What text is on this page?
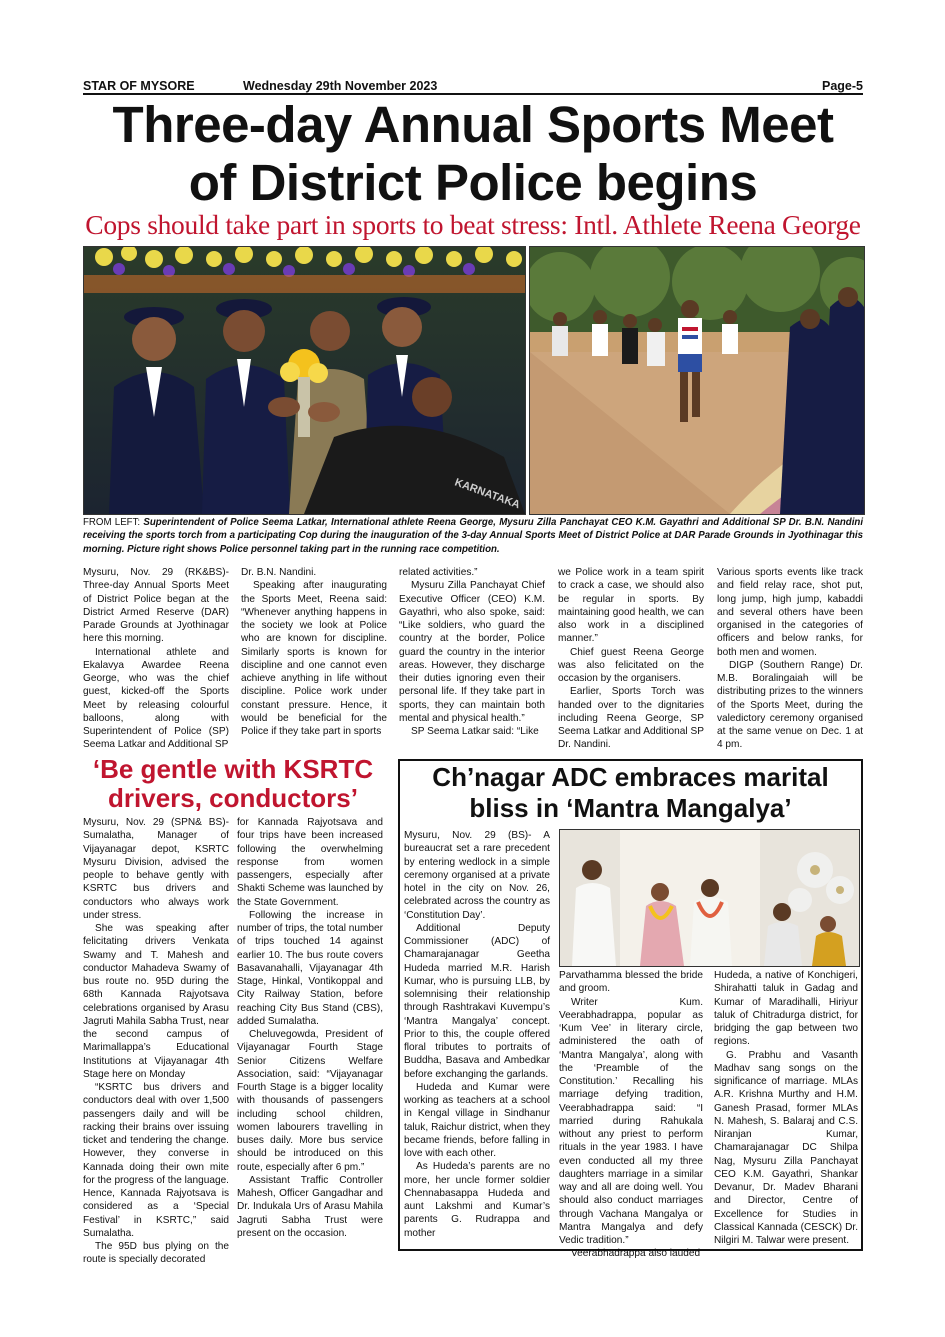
STAR OF MYSORE	Wednesday 29th November 2023	Page-5
Three-day Annual Sports Meet
of District Police begins
Cops should take part in sports to beat stress: Intl. Athlete Reena George
KARNATAKA
FROM LEFT: Superintendent of Police Seema Latkar, International athlete Reena George, Mysuru Zilla Panchayat CEO K.M. Gayathri and Additional SP Dr. B.N. Nandini receiving the sports torch from a participating Cop during the inauguration of the 3-day Annual Sports Meet of District Police at DAR Parade Grounds in Jyothinagar this morning. Picture right shows Police personnel taking part in the running race competition.

Mysuru, Nov. 29 (RK&BS)- Three-day Annual Sports Meet of District Police began at the District Armed Reserve (DAR) Parade Grounds at Jyothinagar here this morning.

International athlete and Ekalavya Awardee Reena George, who was the chief guest, kicked-off the Sports Meet by releasing colourful balloons, along with Superintendent of Police (SP) Seema Latkar and Additional SP

Dr. B.N. Nandini.

Speaking after inaugurating the Sports Meet, Reena said: “Whenever anything happens in the society we look at Police who are known for discipline. Similarly sports is known for discipline and one cannot even achieve anything in life without discipline. Police work under constant pressure. Hence, it would be beneficial for the Police if they take part in sports

related activities.”

Mysuru Zilla Panchayat Chief Executive Officer (CEO) K.M. Gayathri, who also spoke, said: “Like soldiers, who guard the country at the border, Police guard the country in the interior areas. However, they discharge their duties ignoring even their personal life. If they take part in sports, they can maintain both mental and physical health.”

SP Seema Latkar said: “Like

we Police work in a team spirit to crack a case, we should also be regular in sports. By maintaining good health, we can also work in a disciplined manner.”

Chief guest Reena George was also felicitated on the occasion by the organisers.

Earlier, Sports Torch was handed over to the dignitaries including Reena George, SP Seema Latkar and Additional SP Dr. Nandini.

Various sports events like track and field relay race, shot put, long jump, high jump, kabaddi and several others have been organised in the categories of officers and below ranks, for both men and women.

DIGP (Southern Range) Dr. M.B. Boralingaiah will be distributing prizes to the winners of the Sports Meet, during the valedictory ceremony organised at the same venue on Dec. 1 at 4 pm.

‘Be gentle with KSRTC
drivers, conductors’

Mysuru, Nov. 29 (SPN& BS)- Sumalatha, Manager of Vijayanagar depot, KSRTC Mysuru Division, advised the people to behave gently with KSRTC bus drivers and conductors who always work under stress.

She was speaking after felicitating drivers Venkata Swamy and T. Mahesh and conductor Mahadeva Swamy of bus route no. 95D during the 68th Kannada Rajyotsava celebrations organised by Arasu Jagruti Mahila Sabha Trust, near the second campus of Marimallappa’s Educational Institutions at Vijayanagar 4th Stage here on Monday

“KSRTC bus drivers and conductors deal with over 1,500 passengers daily and will be racking their brains over issuing ticket and tendering the change. However, they converse in Kannada doing their own mite for the progress of the language. Hence, Kannada Rajyotsava is considered as a ‘Special Festival’ in KSRTC,” said Sumalatha.

The 95D bus plying on the route is specially decorated

for Kannada Rajyotsava and four trips have been increased following the overwhelming response from women passengers, especially after Shakti Scheme was launched by the State Government.

Following the increase in number of trips, the total number of trips touched 14 against earlier 10. The bus route covers Basavanahalli, Vijayanagar 4th Stage, Hinkal, Vontikoppal and City Railway Station, before reaching City Bus Stand (CBS), added Sumalatha.

Cheluvegowda, President of Vijayanagar Fourth Stage Senior Citizens Welfare Association, said: “Vijayanagar Fourth Stage is a bigger locality with thousands of passengers including school children, women labourers travelling in buses daily. More bus service should be introduced on this route, especially after 6 pm.”

Assistant Traffic Controller Mahesh, Officer Gangadhar and Dr. Indukala Urs of Arasu Mahila Jagruti Sabha Trust were present on the occasion.

Ch’nagar ADC embraces marital
bliss in ‘Mantra Mangalya’

Mysuru, Nov. 29 (BS)- A bureaucrat set a rare precedent by entering wedlock in a simple ceremony organised at a private hotel in the city on Nov. 26, celebrated across the country as ‘Constitution Day’.

Additional Deputy Commissioner (ADC) of Chamarajanagar Geetha Hudeda married M.R. Harish Kumar, who is pursuing LLB, by solemnising their relationship through Rashtrakavi Kuvempu’s ‘Mantra Mangalya’ concept. Prior to this, the couple offered floral tributes to portraits of Buddha, Basava and Ambedkar before exchanging the garlands.

Hudeda and Kumar were working as teachers at a school in Kengal village in Sindhanur taluk, Raichur district, when they became friends, before falling in love with each other.

As Hudeda’s parents are no more, her uncle former soldier Chennabasappa Hudeda and aunt Lakshmi and Kumar’s parents G. Rudrappa and mother

Parvathamma blessed the bride and groom.

Writer Kum. Veerabhadrappa, popular as ‘Kum Vee’ in literary circle, administered the oath of ‘Mantra Mangalya’, along with the ‘Preamble of the Constitution.’ Recalling his marriage defying tradition, Veerabhadrappa said: “I married during Rahukala without any priest to perform rituals in the year 1983. I have even conducted all my three daughters marriage in a similar way and all are doing well. You should also conduct marriages through Vachana Mangalya or Mantra Mangalya and defy Vedic tradition.”

Veerabhadrappa also lauded

Hudeda, a native of Konchigeri, Shirahatti taluk in Gadag and Kumar of Maradihalli, Hiriyur taluk of Chitradurga district, for bridging the gap between two regions.

G. Prabhu and Vasanth Madhav sang songs on the significance of marriage. MLAs A.R. Krishna Murthy and H.M. Ganesh Prasad, former MLAs N. Mahesh, S. Balaraj and C.S. Niranjan Kumar, Chamarajanagar DC Shilpa Nag, Mysuru Zilla Panchayat CEO K.M. Gayathri, Shankar Devanur, Dr. Madev Bharani and Director, Centre of Excellence for Studies in Classical Kannada (CESCK) Dr. Nilgiri M. Talwar were present.
